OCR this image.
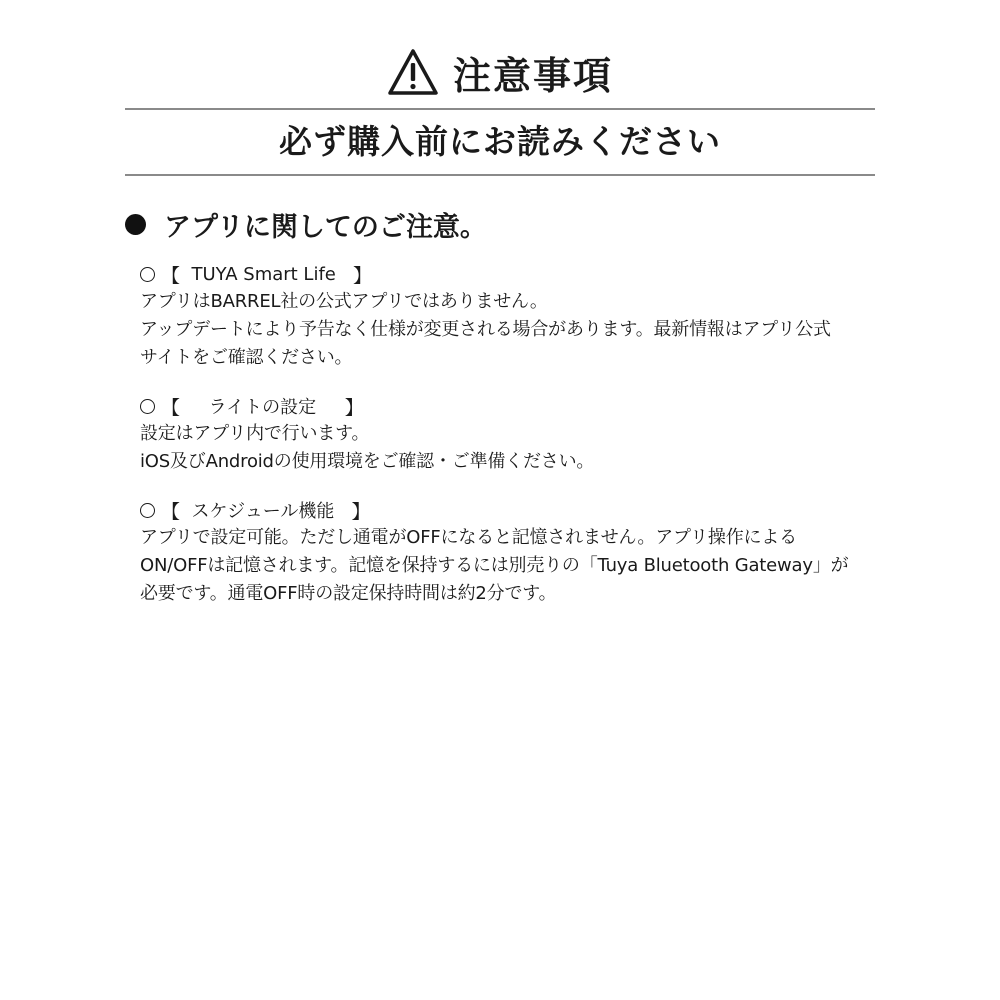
注意事項
必ず購入前にお読みください
アプリに関してのご注意。
【 TUYA Smart Life 】
アプリはBARREL社の公式アプリではありません。
アップデートにより予告なく仕様が変更される場合があります。最新情報はアプリ公式
サイトをご確認ください。
【 ライトの設定 】
設定はアプリ内で行います。
iOS及びAndroidの使用環境をご確認・ご準備ください。
【 スケジュール機能 】
アプリで設定可能。ただし通電がOFFになると記憶されません。アプリ操作による
ON/OFFは記憶されます。記憶を保持するには別売りの「Tuya Bluetooth Gateway」が
必要です。通電OFF時の設定保持時間は約2分です。
